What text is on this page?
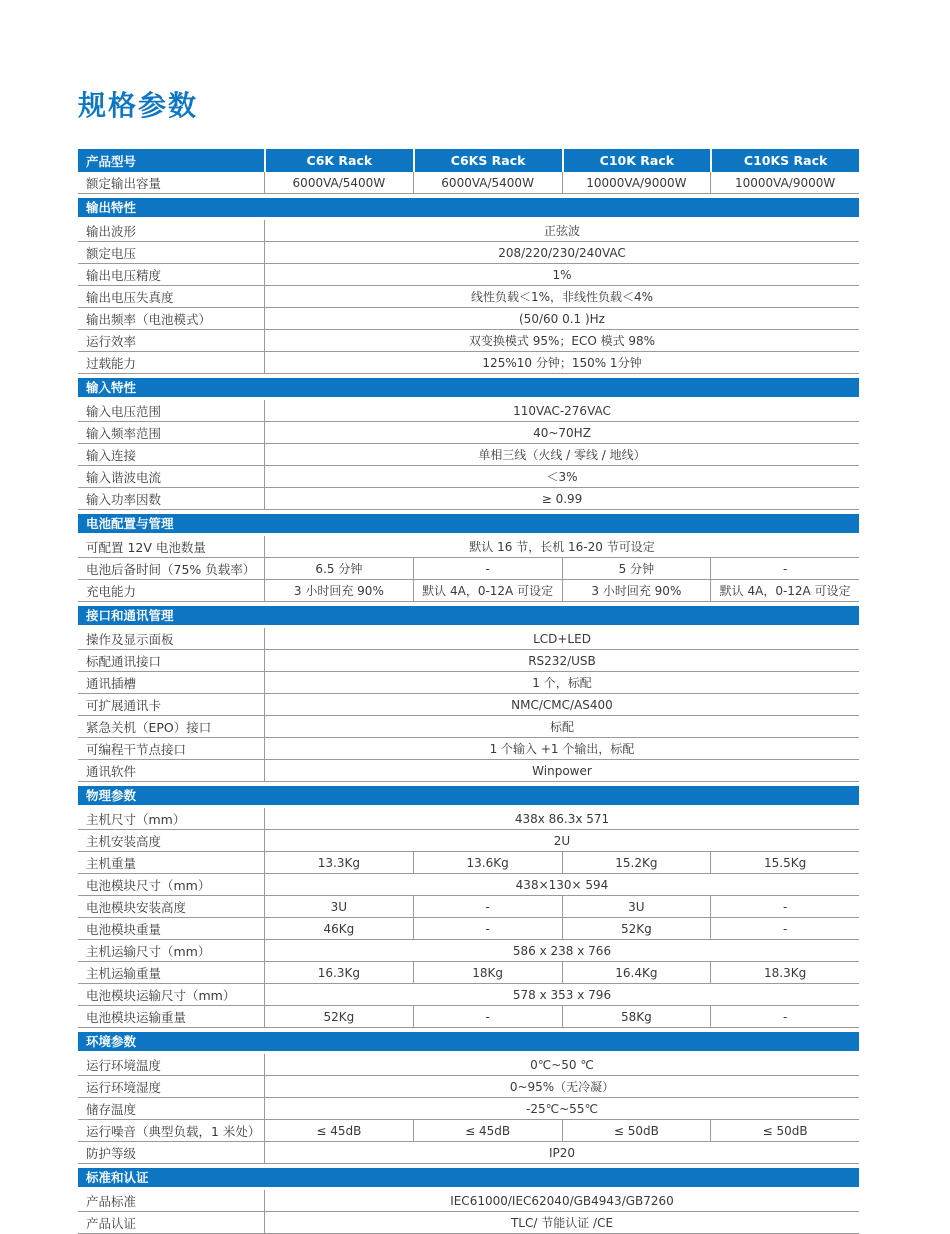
规格参数
产品型号	C6K Rack	C6KS Rack	C10K Rack	C10KS Rack
额定输出容量	6000VA/5400W	6000VA/5400W	10000VA/9000W	10000VA/9000W
输出特性
输出波形	正弦波
额定电压	208/220/230/240VAC
输出电压精度	1%
输出电压失真度	线性负载＜1%，非线性负载＜4%
输出频率（电池模式）	(50/60 0.1 )Hz
运行效率	双变换模式 95%；ECO 模式 98%
过载能力	125%10 分钟；150% 1分钟
输入特性
输入电压范围	110VAC-276VAC
输入频率范围	40~70HZ
输入连接	单相三线（火线 / 零线 / 地线）
输入谐波电流	＜3%
输入功率因数	≥ 0.99
电池配置与管理
可配置 12V 电池数量	默认 16 节，长机 16-20 节可设定
电池后备时间（75% 负载率）	6.5 分钟	-	5 分钟	-
充电能力	3 小时回充 90%	默认 4A，0-12A 可设定	3 小时回充 90%	默认 4A，0-12A 可设定
接口和通讯管理
操作及显示面板	LCD+LED
标配通讯接口	RS232/USB
通讯插槽	1 个，标配
可扩展通讯卡	NMC/CMC/AS400
紧急关机（EPO）接口	标配
可编程干节点接口	1 个输入 +1 个输出，标配
通讯软件	Winpower
物理参数
主机尺寸（mm）	438x 86.3x 571
主机安装高度	2U
主机重量	13.3Kg	13.6Kg	15.2Kg	15.5Kg
电池模块尺寸（mm）	438×130× 594
电池模块安装高度	3U	-	3U	-
电池模块重量	46Kg	-	52Kg	-
主机运输尺寸（mm）	586 x 238 x 766
主机运输重量	16.3Kg	18Kg	16.4Kg	18.3Kg
电池模块运输尺寸（mm）	578 x 353 x 796
电池模块运输重量	52Kg	-	58Kg	-
环境参数
运行环境温度	0℃~50 ℃
运行环境湿度	0~95%（无冷凝）
储存温度	-25℃~55℃
运行噪音（典型负载，1 米处）	≤ 45dB	≤ 45dB	≤ 50dB	≤ 50dB
防护等级	IP20
标准和认证
产品标准	IEC61000/IEC62040/GB4943/GB7260
产品认证	TLC/ 节能认证 /CE
